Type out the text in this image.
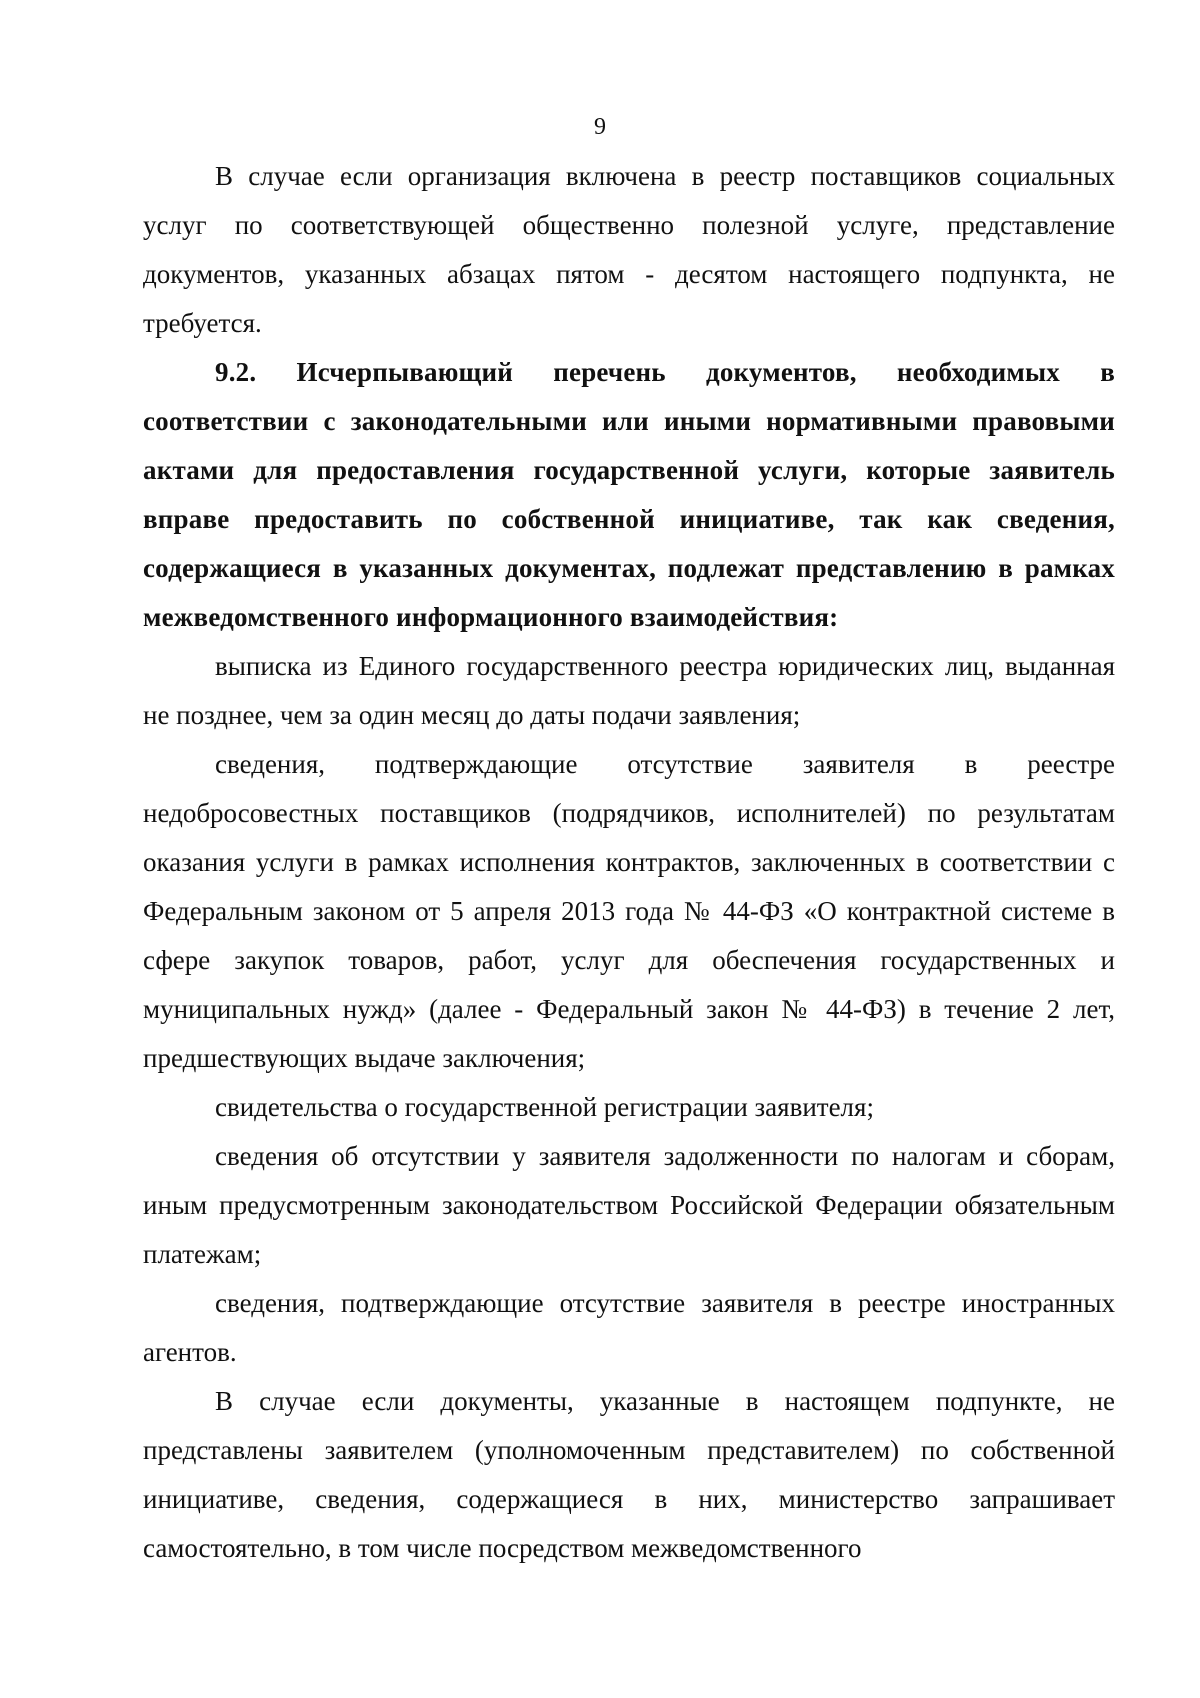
9

В случае если организация включена в реестр поставщиков социальных услуг по соответствующей общественно полезной услуге, представление документов, указанных абзацах пятом - десятом настоящего подпункта, не требуется.

9.2. Исчерпывающий перечень документов, необходимых в соответствии с законодательными или иными нормативными правовыми актами для предоставления государственной услуги, которые заявитель вправе предоставить по собственной инициативе, так как сведения, содержащиеся в указанных документах, подлежат представлению в рамках межведомственного информационного взаимодействия:

выписка из Единого государственного реестра юридических лиц, выданная не позднее, чем за один месяц до даты подачи заявления;

сведения, подтверждающие отсутствие заявителя в реестре недобросовестных поставщиков (подрядчиков, исполнителей) по результатам оказания услуги в рамках исполнения контрактов, заключенных в соответствии с Федеральным законом от 5 апреля 2013 года № 44-ФЗ «О контрактной системе в сфере закупок товаров, работ, услуг для обеспечения государственных и муниципальных нужд» (далее - Федеральный закон № 44-ФЗ) в течение 2 лет, предшествующих выдаче заключения;

свидетельства о государственной регистрации заявителя;

сведения об отсутствии у заявителя задолженности по налогам и сборам, иным предусмотренным законодательством Российской Федерации обязательным платежам;

сведения, подтверждающие отсутствие заявителя в реестре иностранных агентов.

В случае если документы, указанные в настоящем подпункте, не представлены заявителем (уполномоченным представителем) по собственной инициативе, сведения, содержащиеся в них, министерство запрашивает самостоятельно, в том числе посредством межведомственного
